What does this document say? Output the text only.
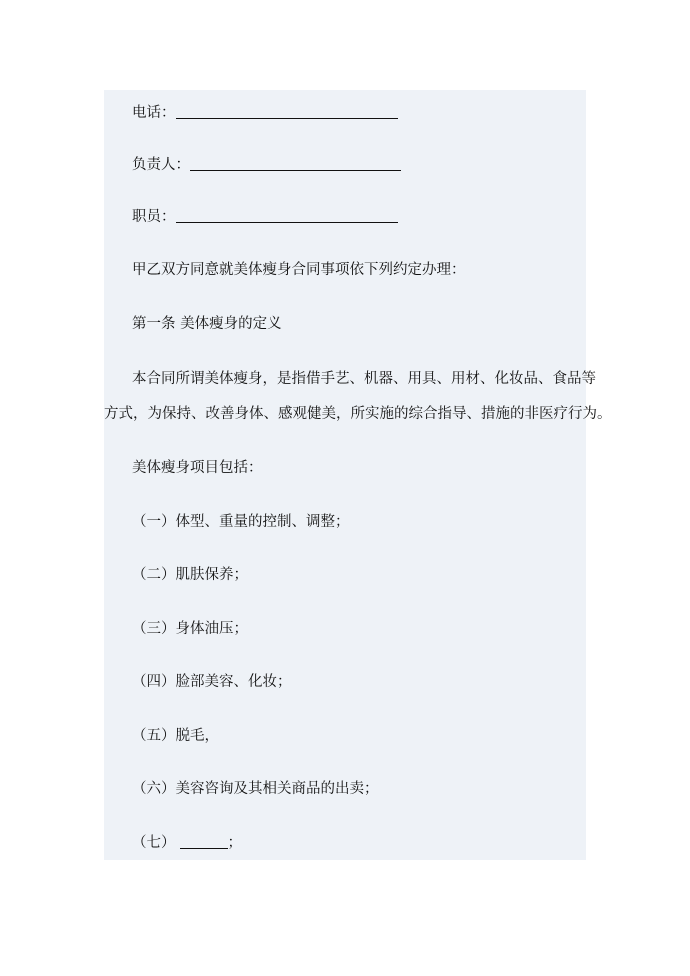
电话：
负责人：
职员：
甲乙双方同意就美体瘦身合同事项依下列约定办理：
第一条 美体瘦身的定义
本合同所谓美体瘦身，是指借手艺、机器、用具、用材、化妆品、食品等
方式，为保持、改善身体、感观健美，所实施的综合指导、措施的非医疗行为。
美体瘦身项目包括：
（一）体型、重量的控制、调整；
（二）肌肤保养；
（三）身体油压；
（四）脸部美容、化妆；
（五）脱毛，
（六）美容咨询及其相关商品的出卖；
（七）	；
